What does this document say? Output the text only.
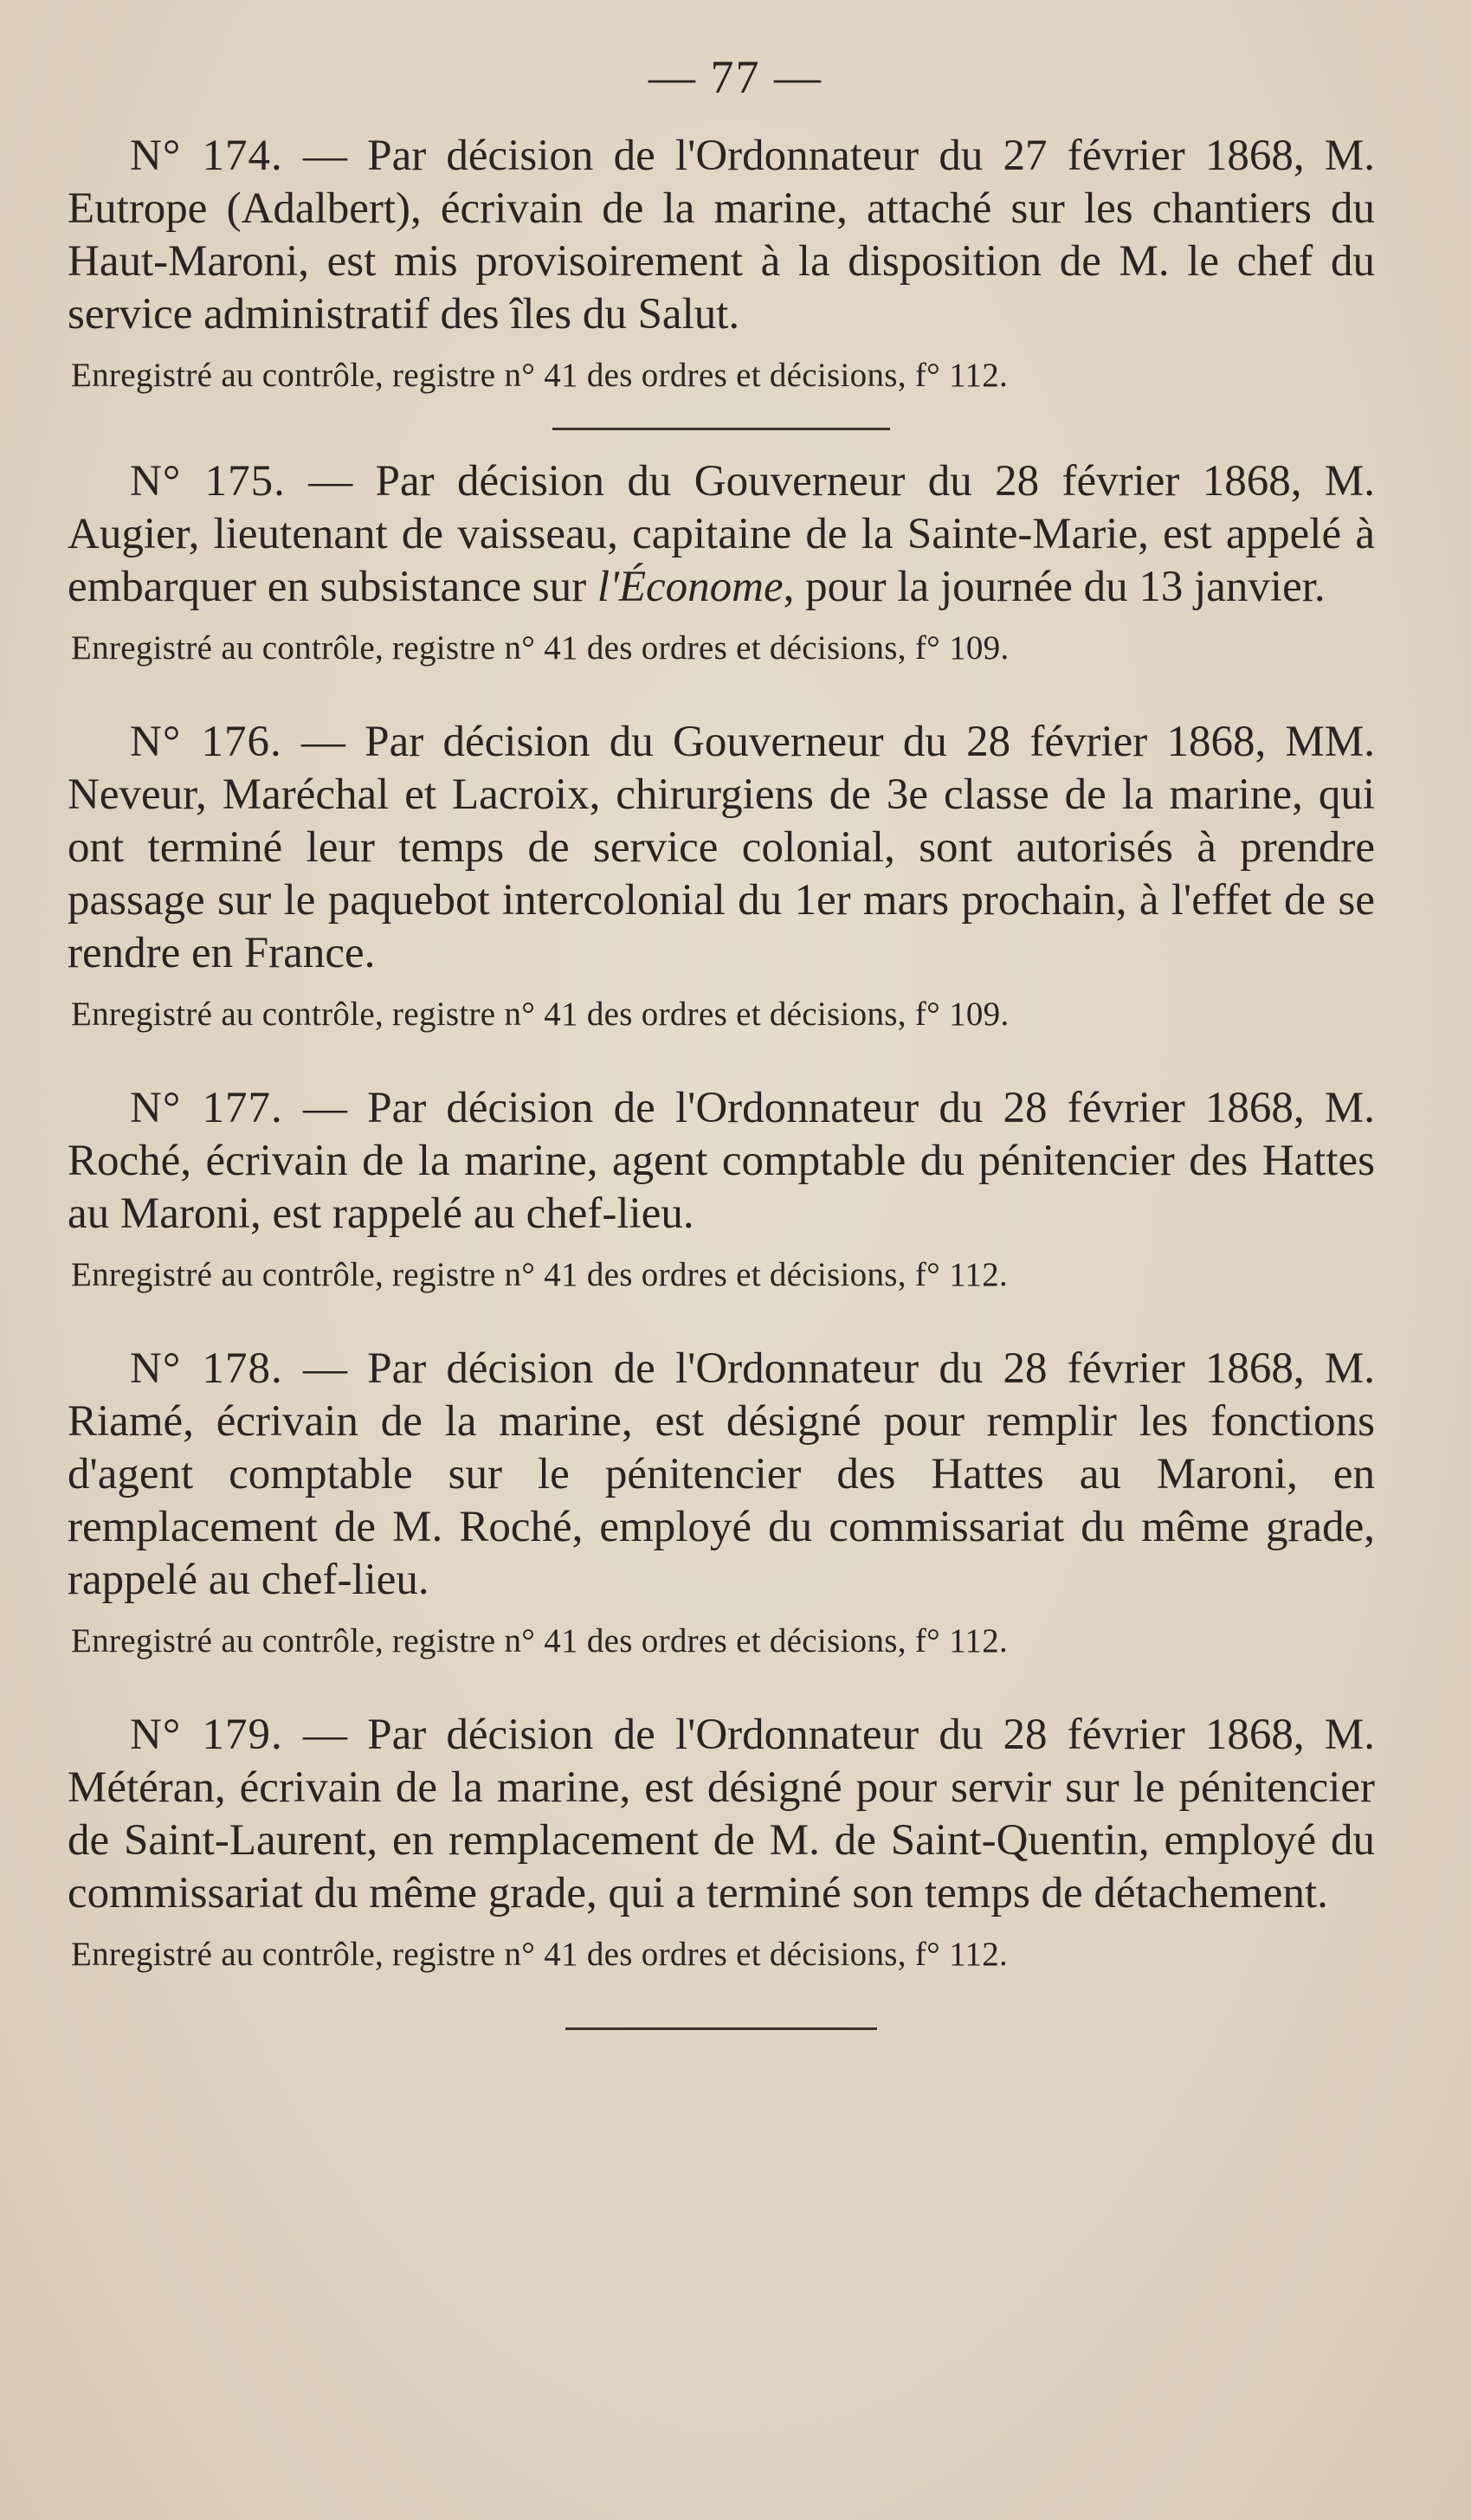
— 77 —

N° 174. — Par décision de l'Ordonnateur du 27 février 1868, M. Eutrope (Adalbert), écrivain de la marine, attaché sur les chantiers du Haut-Maroni, est mis provisoirement à la disposition de M. le chef du service administratif des îles du Salut.

Enregistré au contrôle, registre n° 41 des ordres et décisions, f° 112.

N° 175. — Par décision du Gouverneur du 28 février 1868, M. Augier, lieutenant de vaisseau, capitaine de la Sainte-Marie, est appelé à embarquer en subsistance sur l'Économe, pour la journée du 13 janvier.

Enregistré au contrôle, registre n° 41 des ordres et décisions, f° 109.

N° 176. — Par décision du Gouverneur du 28 février 1868, MM. Neveur, Maréchal et Lacroix, chirurgiens de 3e classe de la marine, qui ont terminé leur temps de service colonial, sont autorisés à prendre passage sur le paquebot intercolonial du 1er mars prochain, à l'effet de se rendre en France.

Enregistré au contrôle, registre n° 41 des ordres et décisions, f° 109.

N° 177. — Par décision de l'Ordonnateur du 28 février 1868, M. Roché, écrivain de la marine, agent comptable du pénitencier des Hattes au Maroni, est rappelé au chef-lieu.

Enregistré au contrôle, registre n° 41 des ordres et décisions, f° 112.

N° 178. — Par décision de l'Ordonnateur du 28 février 1868, M. Riamé, écrivain de la marine, est désigné pour remplir les fonctions d'agent comptable sur le pénitencier des Hattes au Maroni, en remplacement de M. Roché, employé du commissariat du même grade, rappelé au chef-lieu.

Enregistré au contrôle, registre n° 41 des ordres et décisions, f° 112.

N° 179. — Par décision de l'Ordonnateur du 28 février 1868, M. Météran, écrivain de la marine, est désigné pour servir sur le pénitencier de Saint-Laurent, en remplacement de M. de Saint-Quentin, employé du commissariat du même grade, qui a terminé son temps de détachement.

Enregistré au contrôle, registre n° 41 des ordres et décisions, f° 112.
